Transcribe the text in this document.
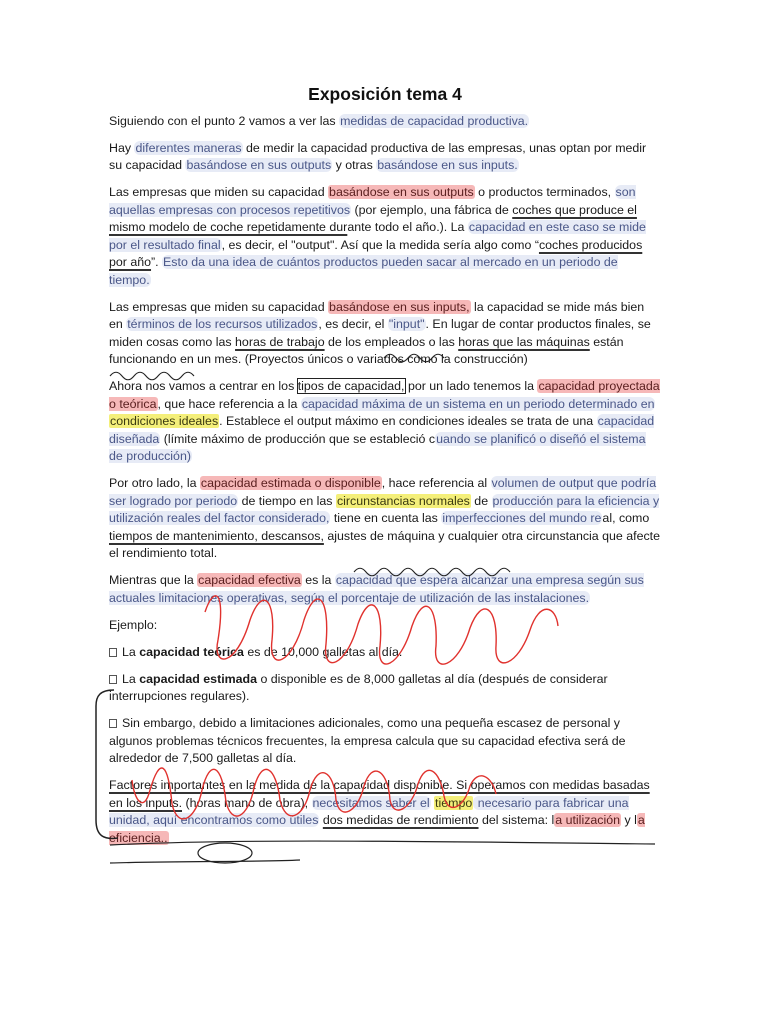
Exposición tema 4

Siguiendo con el punto 2 vamos a ver las medidas de capacidad productiva.

Hay diferentes maneras de medir la capacidad productiva de las empresas, unas optan por medir su capacidad basándose en sus outputs y otras basándose en sus inputs.

Las empresas que miden su capacidad basándose en sus outputs o productos terminados, son aquellas empresas con procesos repetitivos (por ejemplo, una fábrica de coches que produce el mismo modelo de coche repetidamente durante todo el año.). La capacidad en este caso se mide por el resultado final, es decir, el "output". Así que la medida sería algo como “coches producidos por año”. Esto da una idea de cuántos productos pueden sacar al mercado en un periodo de tiempo.

Las empresas que miden su capacidad basándose en sus inputs, la capacidad se mide más bien en términos de los recursos utilizados, es decir, el "input". En lugar de contar productos finales, se miden cosas como las horas de trabajo de los empleados o las horas que las máquinas están funcionando en un mes. (Proyectos únicos o variados como la construcción)

Ahora nos vamos a centrar en los tipos de capacidad, por un lado tenemos la capacidad proyectada o teórica, que hace referencia a la capacidad máxima de un sistema en un periodo determinado en condiciones ideales. Establece el output máximo en condiciones ideales se trata de una capacidad diseñada (límite máximo de producción que se estableció cuando se planificó o diseñó el sistema de producción)

Por otro lado, la capacidad estimada o disponible, hace referencia al volumen de output que podría ser logrado por periodo de tiempo en las circunstancias normales de producción para la eficiencia y utilización reales del factor considerado, tiene en cuenta las imperfecciones del mundo real, como tiempos de mantenimiento, descansos, ajustes de máquina y cualquier otra circunstancia que afecte el rendimiento total.

Mientras que la capacidad efectiva es la capacidad que espera alcanzar una empresa según sus actuales limitaciones operativas, según el porcentaje de utilización de las instalaciones.

Ejemplo:

La capacidad teórica es de 10,000 galletas al día.

La capacidad estimada o disponible es de 8,000 galletas al día (después de considerar interrupciones regulares).

Sin embargo, debido a limitaciones adicionales, como una pequeña escasez de personal y algunos problemas técnicos frecuentes, la empresa calcula que su capacidad efectiva será de alrededor de 7,500 galletas al día.

Factores importantes en la medida de la capacidad disponible. Si operamos con medidas basadas en los inputs. (horas mano de obra), necesitamos saber el tiempo necesario para fabricar una unidad, aquí encontramos como útiles dos medidas de rendimiento del sistema: la utilización y la eficiencia..
